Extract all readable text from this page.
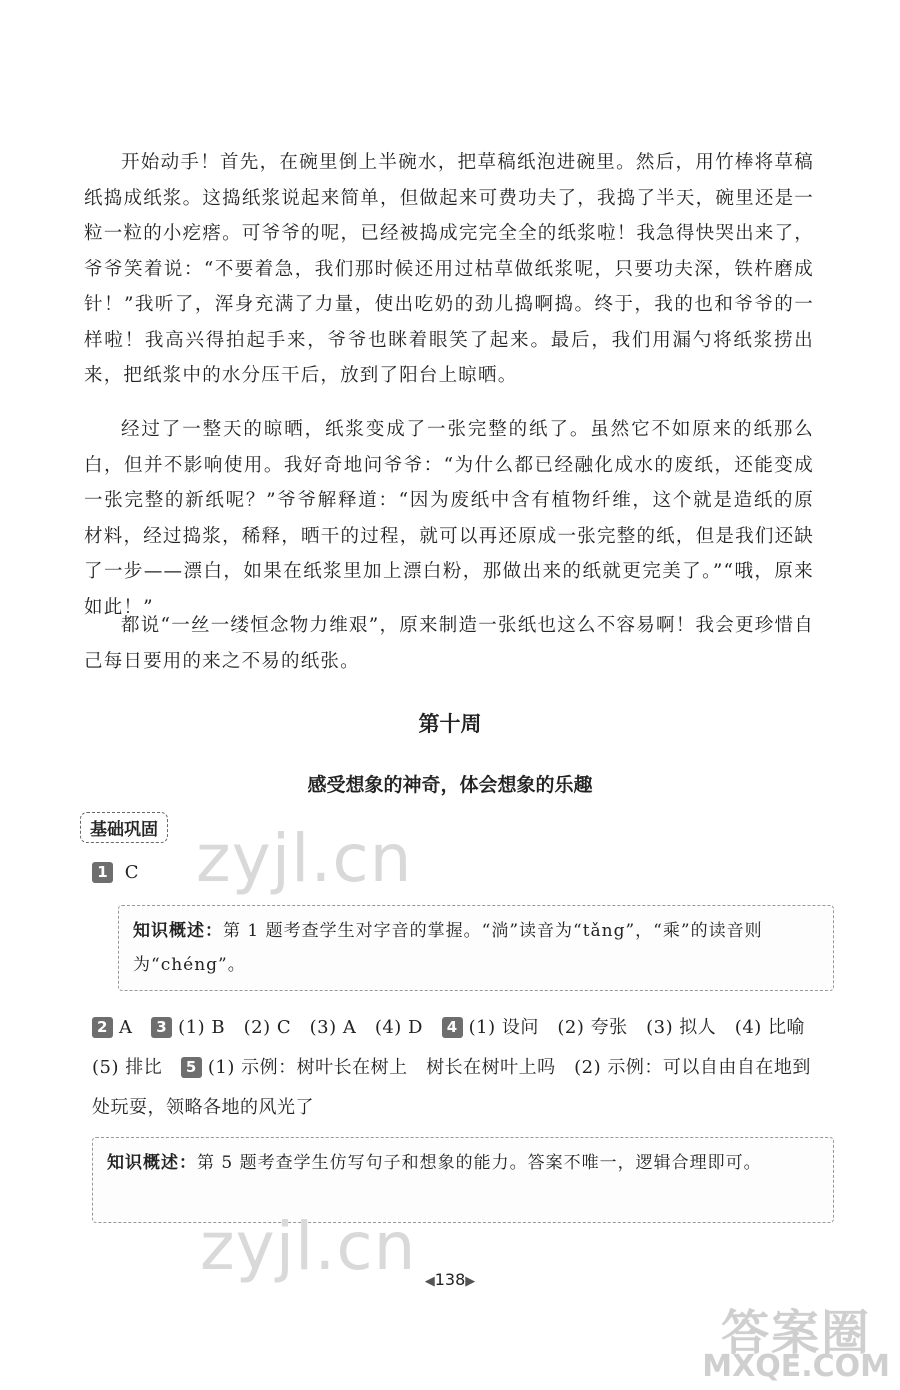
开始动手！首先，在碗里倒上半碗水，把草稿纸泡进碗里。然后，用竹棒将草稿纸捣成纸浆。这捣纸浆说起来简单，但做起来可费功夫了，我捣了半天，碗里还是一粒一粒的小疙瘩。可爷爷的呢，已经被捣成完完全全的纸浆啦！我急得快哭出来了，爷爷笑着说：“不要着急，我们那时候还用过枯草做纸浆呢，只要功夫深，铁杵磨成针！”我听了，浑身充满了力量，使出吃奶的劲儿捣啊捣。终于，我的也和爷爷的一样啦！我高兴得拍起手来，爷爷也眯着眼笑了起来。最后，我们用漏勺将纸浆捞出来，把纸浆中的水分压干后，放到了阳台上晾晒。

经过了一整天的晾晒，纸浆变成了一张完整的纸了。虽然它不如原来的纸那么白，但并不影响使用。我好奇地问爷爷：“为什么都已经融化成水的废纸，还能变成一张完整的新纸呢？”爷爷解释道：“因为废纸中含有植物纤维，这个就是造纸的原材料，经过捣浆，稀释，晒干的过程，就可以再还原成一张完整的纸，但是我们还缺了一步——漂白，如果在纸浆里加上漂白粉，那做出来的纸就更完美了。”“哦，原来如此！”

都说“一丝一缕恒念物力维艰”，原来制造一张纸也这么不容易啊！我会更珍惜自己每日要用的来之不易的纸张。

第十周
感受想象的神奇，体会想象的乐趣
基础巩固 zyjl.cn
1 C
知识概述：第 1 题考查学生对字音的掌握。“淌”读音为“tǎng”，“乘”的读音则为“chéng”。

2 A 3 (1) B　(2) C　(3) A　(4) D 4 (1) 设问　(2) 夸张　(3) 拟人　(4) 比喻　(5) 排比 5 (1) 示例：树叶长在树上　树长在树叶上吗　(2) 示例：可以自由自在地到处玩耍，领略各地的风光了

知识概述：第 5 题考查学生仿写句子和想象的能力。答案不唯一，逻辑合理即可。
zyjl.cn ◀138▶
答案圈
MXQE.COM
